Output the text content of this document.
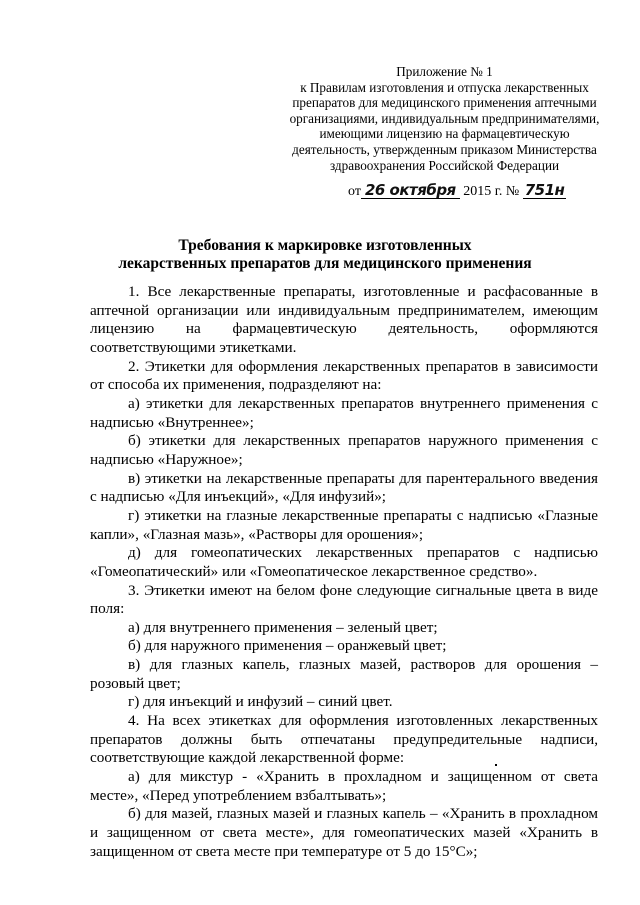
Приложение № 1
к Правилам изготовления и отпуска лекарственных
препаратов для медицинского применения аптечными
организациями, индивидуальным предпринимателями,
имеющими лицензию на фармацевтическую
деятельность, утвержденным приказом Министерства
здравоохранения Российской Федерации
от 26 октября 2015 г. № 751н
Требования к маркировке изготовленных
лекарственных препаратов для медицинского применения

1. Все лекарственные препараты, изготовленные и расфасованные в аптечной организации или индивидуальным предпринимателем, имеющим лицензию на фармацевтическую деятельность, оформляются соответствующими этикетками.

2. Этикетки для оформления лекарственных препаратов в зависимости от способа их применения, подразделяют на:

а) этикетки для лекарственных препаратов внутреннего применения с надписью «Внутреннее»;

б) этикетки для лекарственных препаратов наружного применения с надписью «Наружное»;

в) этикетки на лекарственные препараты для парентерального введения с надписью «Для инъекций», «Для инфузий»;

г) этикетки на глазные лекарственные препараты с надписью «Глазные капли», «Глазная мазь», «Растворы для орошения»;

д) для гомеопатических лекарственных препаратов с надписью «Гомеопатический» или «Гомеопатическое лекарственное средство».

3. Этикетки имеют на белом фоне следующие сигнальные цвета в виде поля:

а) для внутреннего применения – зеленый цвет;

б) для наружного применения – оранжевый цвет;

в) для глазных капель, глазных мазей, растворов для орошения – розовый цвет;

г) для инъекций и инфузий – синий цвет.

4. На всех этикетках для оформления изготовленных лекарственных препаратов должны быть отпечатаны предупредительные надписи, соответствующие каждой лекарственной форме:

а) для микстур - «Хранить в прохладном и защищенном от света месте», «Перед употреблением взбалтывать»;

б) для мазей, глазных мазей и глазных капель – «Хранить в прохладном и защищенном от света месте», для гомеопатических мазей «Хранить в защищенном от света месте при температуре от 5 до 15°С»;
